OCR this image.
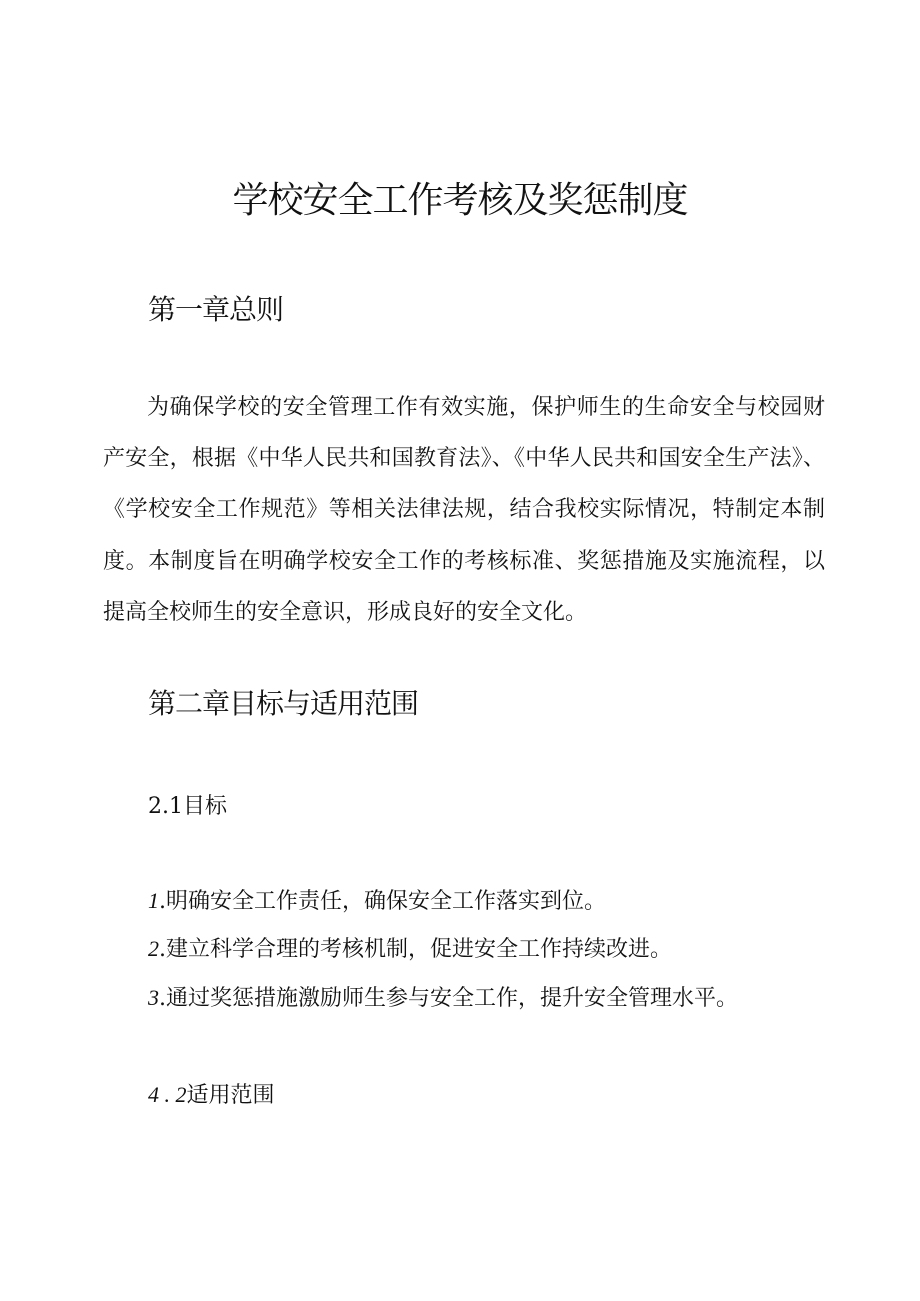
学校安全工作考核及奖惩制度
第一章总则

为确保学校的安全管理工作有效实施，保护师生的生命安全与校园财产安全，根据《中华人民共和国教育法》、《中华人民共和国安全生产法》、《学校安全工作规范》等相关法律法规，结合我校实际情况，特制定本制度。本制度旨在明确学校安全工作的考核标准、奖惩措施及实施流程，以提高全校师生的安全意识，形成良好的安全文化。

第二章目标与适用范围

2.1目标

1.明确安全工作责任，确保安全工作落实到位。

2.建立科学合理的考核机制，促进安全工作持续改进。

3.通过奖惩措施激励师生参与安全工作，提升安全管理水平。

4 . 2适用范围
